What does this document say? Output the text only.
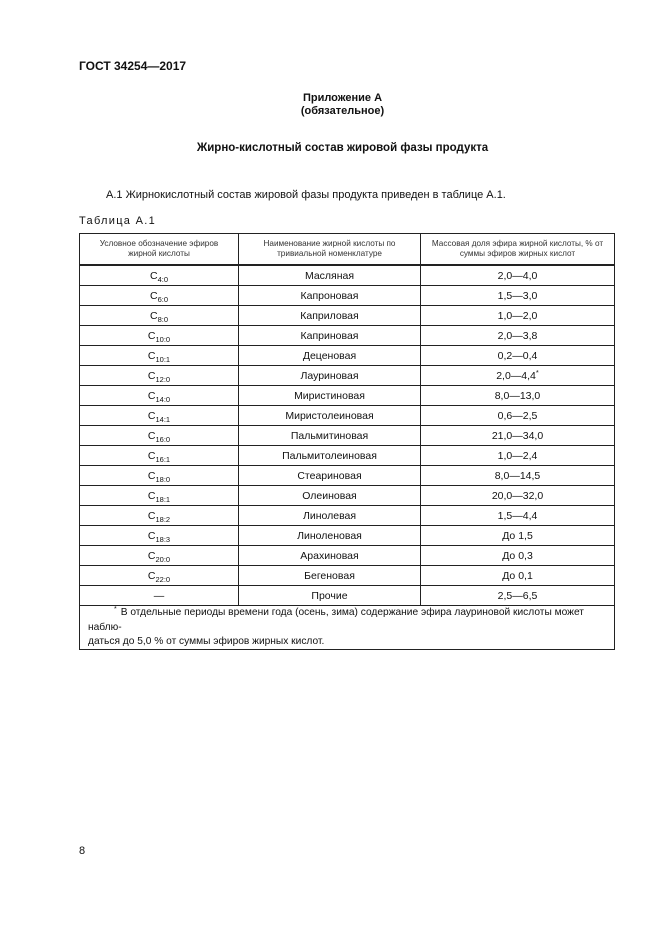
ГОСТ 34254—2017
Приложение А
(обязательное)
Жирно-кислотный состав жировой фазы продукта
А.1 Жирнокислотный состав жировой фазы продукта приведен в таблице А.1.
Таблица А.1
Условное обозначение эфиров жирной кислоты	Наименование жирной кислоты по тривиальной номенклатуре	Массовая доля эфира жирной кислоты, % от суммы эфиров жирных кислот
$C_{4:0}$	Масляная	2,0—4,0
$C_{6:0}$	Капроновая	1,5—3,0
$C_{8:0}$	Каприловая	1,0—2,0
$C_{10:0}$	Каприновая	2,0—3,8
$C_{10:1}$	Деценовая	0,2—0,4
$C_{12:0}$	Лауриновая	2,0—4,4*
$C_{14:0}$	Миристиновая	8,0—13,0
$C_{14:1}$	Миристолеиновая	0,6—2,5
$C_{16:0}$	Пальмитиновая	21,0—34,0
$C_{16:1}$	Пальмитолеиновая	1,0—2,4
$C_{18:0}$	Стеариновая	8,0—14,5
$C_{18:1}$	Олеиновая	20,0—32,0
$C_{18:2}$	Линолевая	1,5—4,4
$C_{18:3}$	Линоленовая	До 1,5
$C_{20:0}$	Арахиновая	До 0,3
$C_{22:0}$	Бегеновая	До 0,1
—	Прочие	2,5—6,5
* В отдельные периоды времени года (осень, зима) содержание эфира лауриновой кислоты может наблю-
даться до 5,0 % от суммы эфиров жирных кислот.		
8
